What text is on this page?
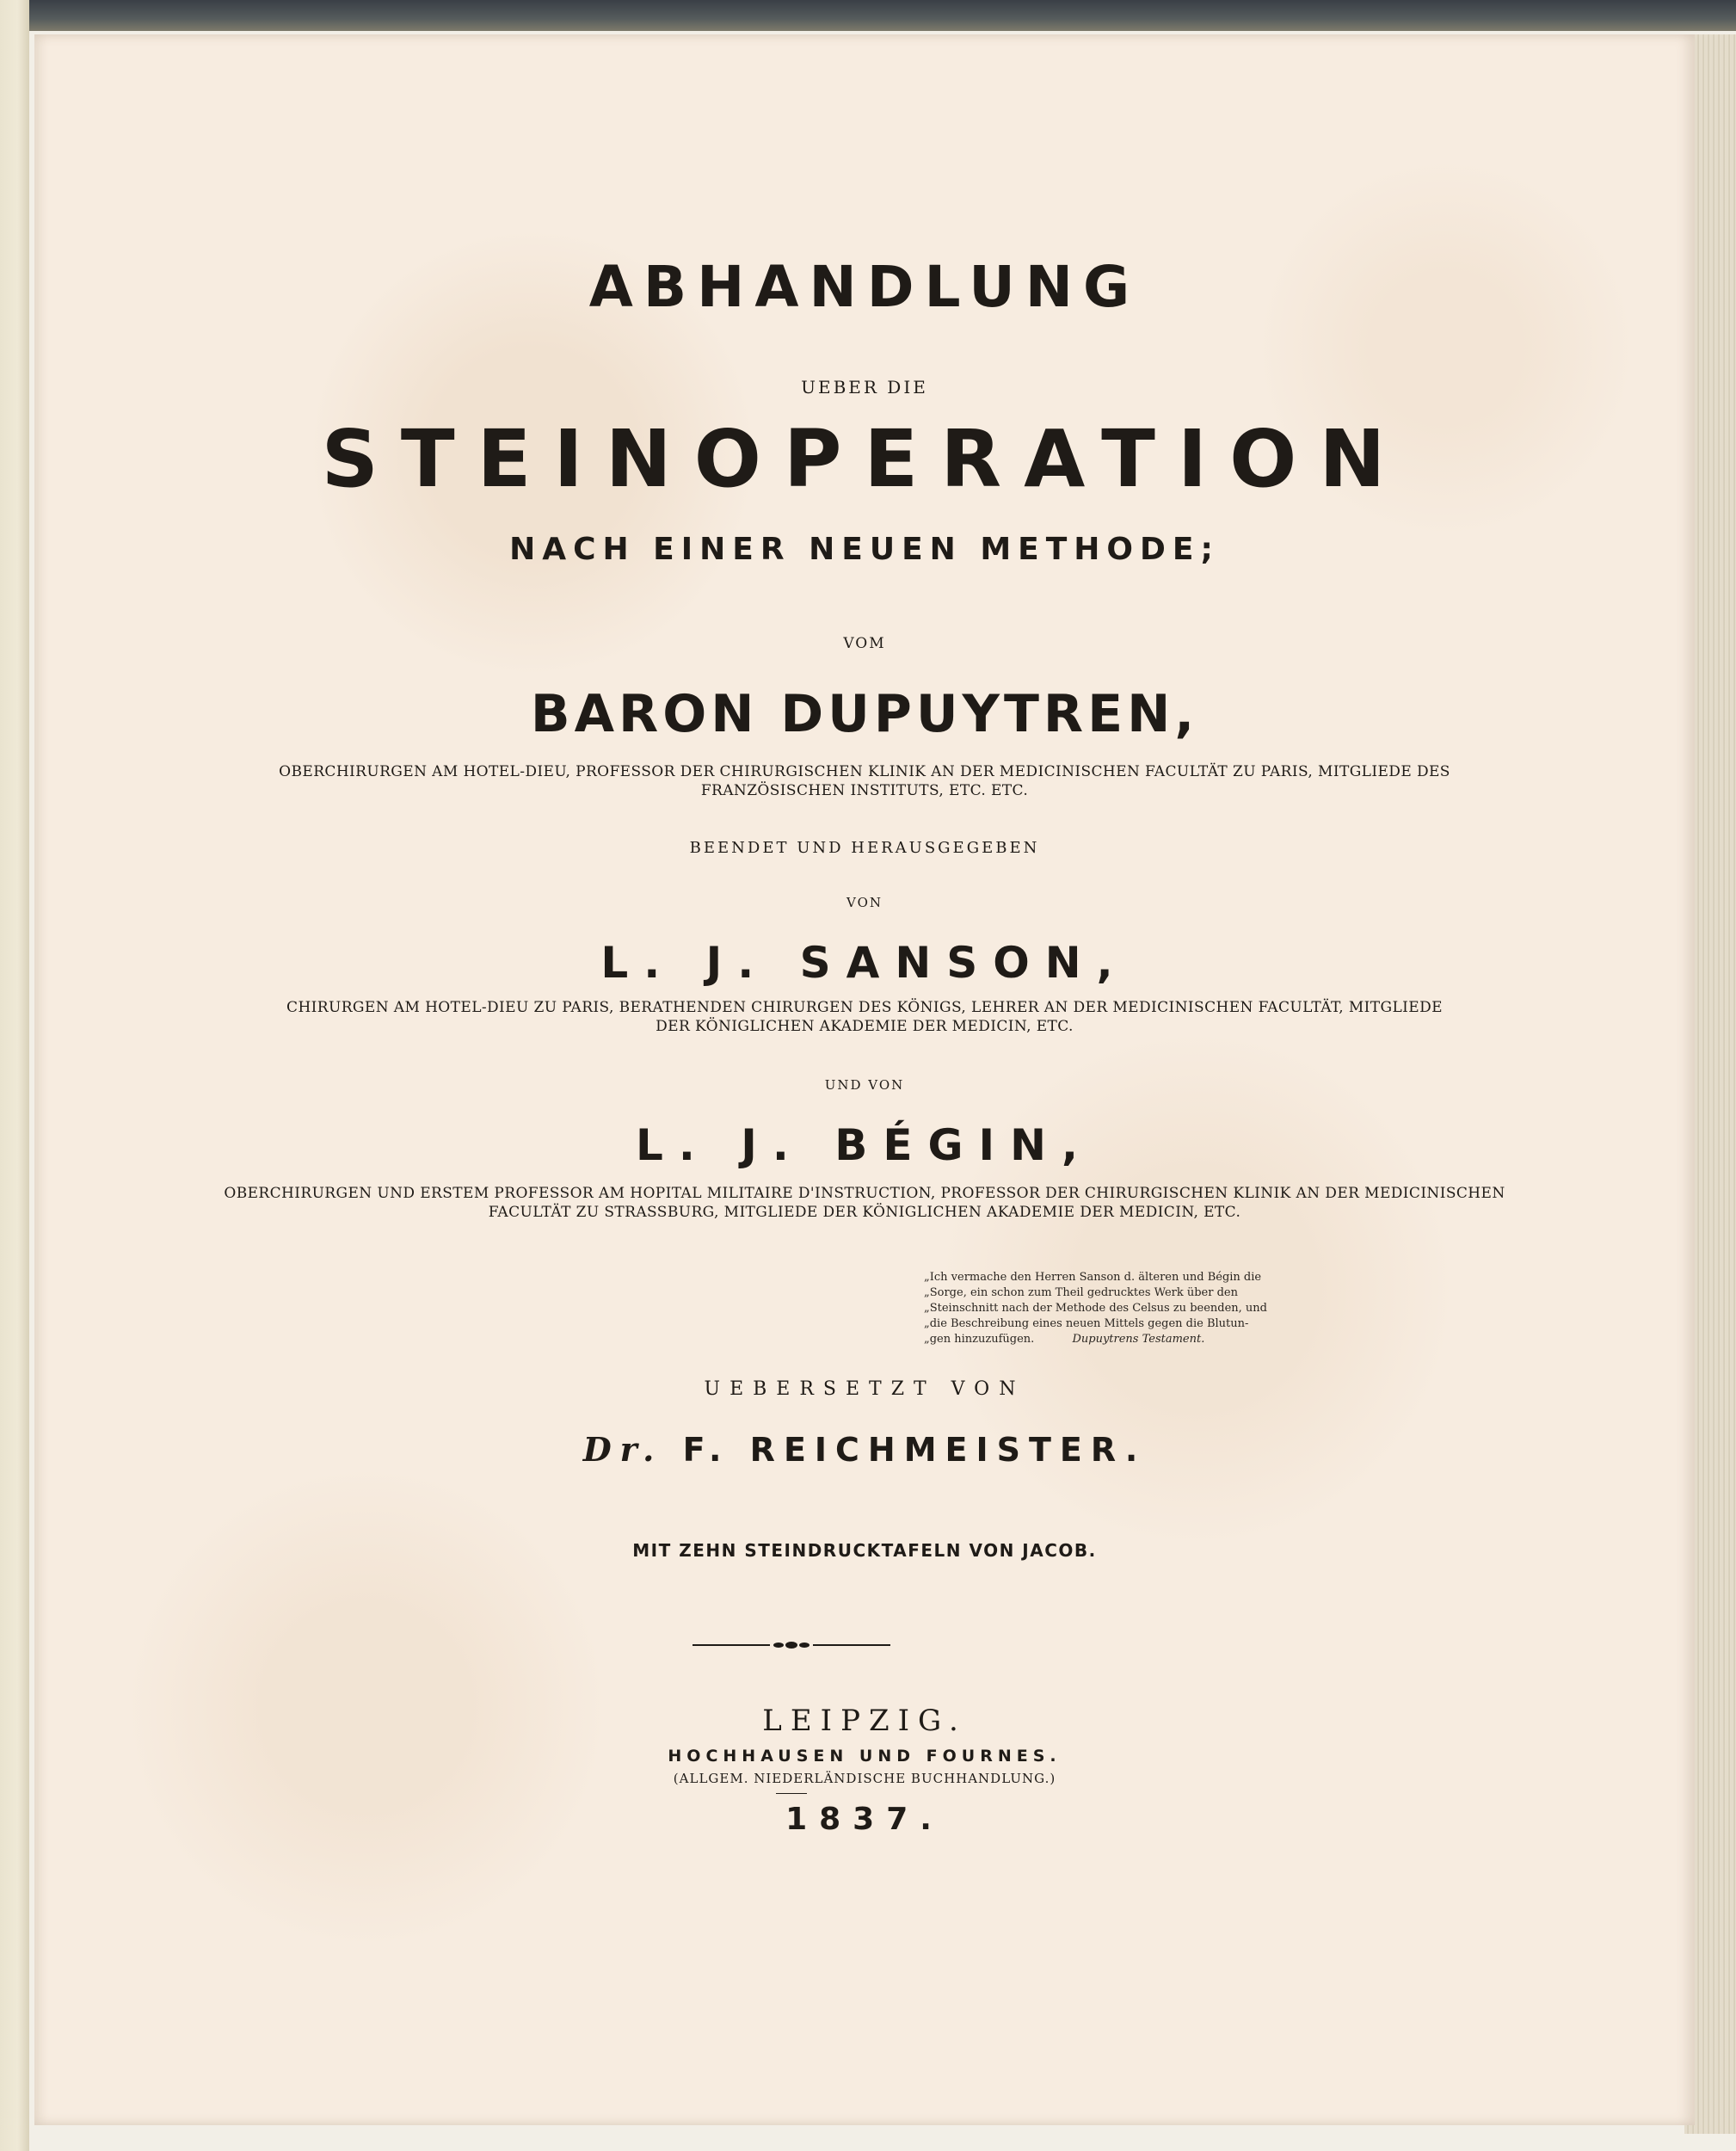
ABHANDLUNG
UEBER DIE
STEINOPERATION
NACH EINER NEUEN METHODE;
VOM
BARON DUPUYTREN,
OBERCHIRURGEN AM HOTEL-DIEU, PROFESSOR DER CHIRURGISCHEN KLINIK AN DER MEDICINISCHEN FACULTÄT ZU PARIS, MITGLIEDE DES
FRANZÖSISCHEN INSTITUTS, ETC. ETC.
BEENDET UND HERAUSGEGEBEN
VON
L. J. SANSON,
CHIRURGEN AM HOTEL-DIEU ZU PARIS, BERATHENDEN CHIRURGEN DES KÖNIGS, LEHRER AN DER MEDICINISCHEN FACULTÄT, MITGLIEDE
DER KÖNIGLICHEN AKADEMIE DER MEDICIN, ETC.
UND VON
L. J. BÉGIN,
OBERCHIRURGEN UND ERSTEM PROFESSOR AM HOPITAL MILITAIRE D'INSTRUCTION, PROFESSOR DER CHIRURGISCHEN KLINIK AN DER MEDICINISCHEN
FACULTÄT ZU STRASSBURG, MITGLIEDE DER KÖNIGLICHEN AKADEMIE DER MEDICIN, ETC.
„Ich vermache den Herren Sanson d. älteren und Bégin die
„Sorge, ein schon zum Theil gedrucktes Werk über den
„Steinschnitt nach der Methode des Celsus zu beenden, und
„die Beschreibung eines neuen Mittels gegen die Blutun-
„gen hinzuzufügen.	Dupuytrens Testament.
UEBERSETZT VON
Dr. F. REICHMEISTER.
MIT ZEHN STEINDRUCKTAFELN VON JACOB.
LEIPZIG.
HOCHHAUSEN UND FOURNES.
(ALLGEM. NIEDERLÄNDISCHE BUCHHANDLUNG.)
1837.
